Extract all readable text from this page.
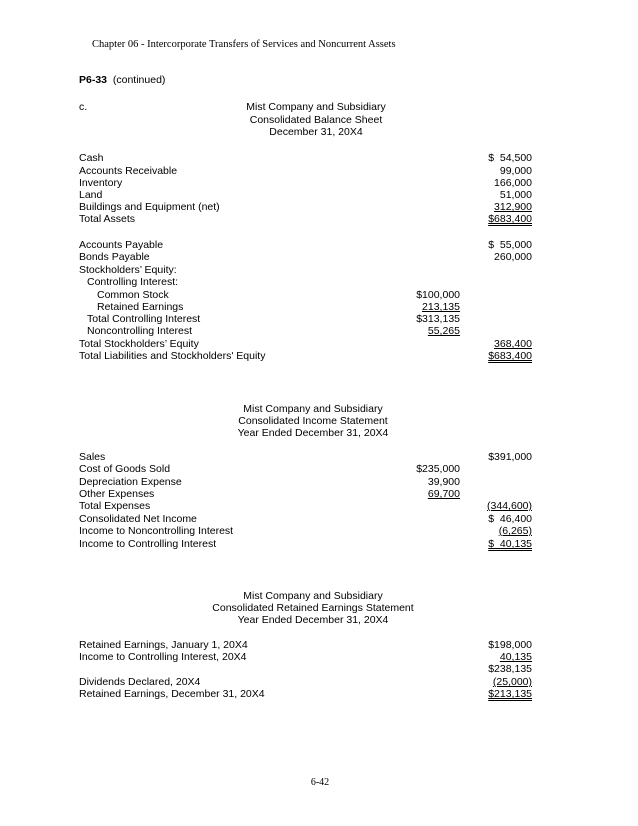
Chapter 06 - Intercorporate Transfers of Services and Noncurrent Assets
P6-33 (continued)
c.	Mist Company and Subsidiary
Consolidated Balance Sheet
December 31, 20X4
Cash	$  54,500
Accounts Receivable	99,000
Inventory	166,000
Land	51,000
Buildings and Equipment (net)	312,900
Total Assets	$683,400
Accounts Payable	$  55,000
Bonds Payable	260,000
Stockholders’ Equity:
Controlling Interest:
Common Stock	$100,000
Retained Earnings	213,135
Total Controlling Interest	$313,135
Noncontrolling Interest	55,265
Total Stockholders’ Equity	368,400
Total Liabilities and Stockholders' Equity	$683,400
Mist Company and Subsidiary
Consolidated Income Statement
Year Ended December 31, 20X4
Sales	$391,000
Cost of Goods Sold	$235,000
Depreciation Expense	39,900
Other Expenses	69,700
Total Expenses	(344,600)
Consolidated Net Income	$  46,400
Income to Noncontrolling Interest	(6,265)
Income to Controlling Interest	$  40,135
Mist Company and Subsidiary
Consolidated Retained Earnings Statement
Year Ended December 31, 20X4
Retained Earnings, January 1, 20X4	$198,000
Income to Controlling Interest, 20X4	40,135
$238,135
Dividends Declared, 20X4	(25,000)
Retained Earnings, December 31, 20X4	$213,135
6-42
